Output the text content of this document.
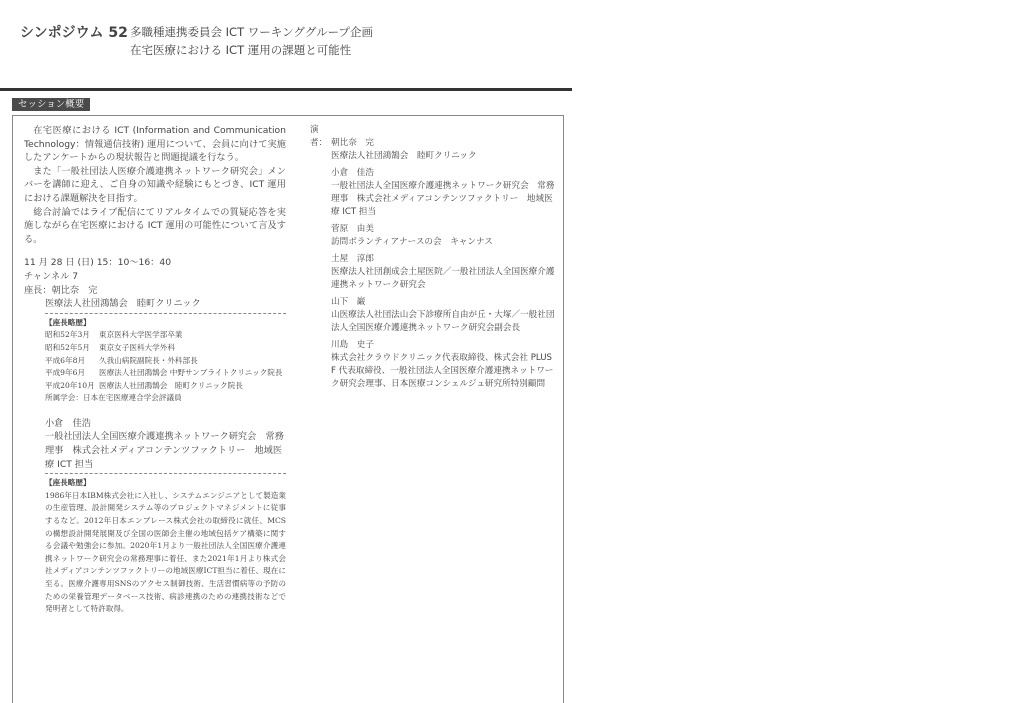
シンポジウム 52 多職種連携委員会 ICT ワーキンググループ企画
在宅医療における ICT 運用の課題と可能性
セッション概要

在宅医療における ICT (Information and Communication Technology：情報通信技術) 運用について、会員に向けて実施したアンケートからの現状報告と問題提議を行なう。

また「一般社団法人医療介護連携ネットワーク研究会」メンバーを講師に迎え、ご自身の知識や経験にもとづき、ICT 運用における課題解決を目指す。

総合討論ではライブ配信にてリアルタイムでの質疑応答を実施しながら在宅医療における ICT 運用の可能性について言及する。

11 月 28 日 (日) 15：10～16：40

チャンネル 7

座長：朝比奈　完

医療法人社団鴻鵠会　睦町クリニック

【座長略歴】
昭和52年3月	東京医科大学医学部卒業
昭和52年5月	東京女子医科大学外科
平成6年8月	久我山病院副院長・外科部長
平成9年6月	医療法人社団鴻鵠会 中野サンブライトクリニック院長
平成20年10月 医療法人社団鴻鵠会　睦町クリニック院長
所属学会：日本在宅医療連合学会評議員

小倉　佳浩

一般社団法人全国医療介護連携ネットワーク研究会　常務理事　株式会社メディアコンテンツファクトリー　地域医療 ICT 担当

【座長略歴】
1986年日本IBM株式会社に入社し、システムエンジニアとして製造業の生産管理、設計開発システム等のプロジェクトマネジメントに従事するなど。2012年日本エンブレース株式会社の取締役に就任、MCSの構想設計開発展開及び全国の医師会主催の地域包括ケア構築に関する会議や勉強会に参加。2020年1月より一般社団法人全国医療介護連携ネットワーク研究会の常務理事に着任、また2021年1月より株式会社メディアコンテンツファクトリーの地域医療ICT担当に着任、現在に至る。医療介護専用SNSのアクセス制御技術、生活習慣病等の予防のための栄養管理データベース技術、病診連携のための連携技術などで発明者として特許取得。

演者： 朝比奈　完

医療法人社団鴻鵠会　睦町クリニック

小倉　佳浩

一般社団法人全国医療介護連携ネットワーク研究会　常務理事　株式会社メディアコンテンツファクトリー　地域医療 ICT 担当

菅原　由美

訪問ボランティアナースの会　キャンナス

土屋　淳郎

医療法人社団創成会土屋医院／一般社団法人全国医療介護連携ネットワーク研究会

山下　巌

山医療法人社団法山会下診療所自由が丘・大塚／一般社団法人全国医療介護連携ネットワーク研究会副会長

川島　史子

株式会社クラウドクリニック代表取締役、株式会社 PLUS F 代表取締役、一般社団法人全国医療介護連携ネットワーク研究会理事、日本医療コンシェルジュ研究所特別顧問
